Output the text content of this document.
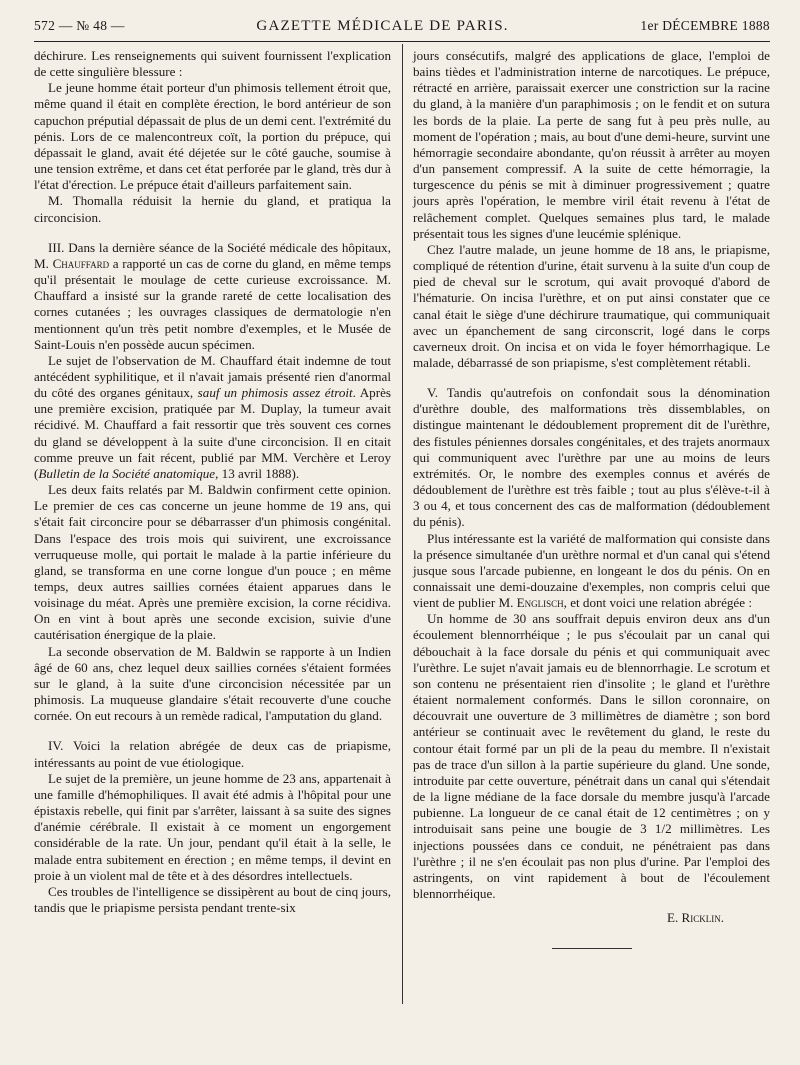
572 — № 48 —	GAZETTE MÉDICALE DE PARIS.	1er DÉCEMBRE 1888

déchirure. Les renseignements qui suivent fournissent l'explication de cette singulière blessure :

Le jeune homme était porteur d'un phimosis tellement étroit que, même quand il était en complète érection, le bord antérieur de son capuchon préputial dépassait de plus de un demi cent. l'extrémité du pénis. Lors de ce malencontreux coït, la portion du prépuce, qui dépassait le gland, avait été déjetée sur le côté gauche, soumise à une tension extrême, et dans cet état perforée par le gland, très dur à l'état d'érection. Le prépuce était d'ailleurs parfaitement sain.

M. Thomalla réduisit la hernie du gland, et pratiqua la circoncision.

III. Dans la dernière séance de la Société médicale des hôpitaux, M. Chauffard a rapporté un cas de corne du gland, en même temps qu'il présentait le moulage de cette curieuse excroissance. M. Chauffard a insisté sur la grande rareté de cette localisation des cornes cutanées ; les ouvrages classiques de dermatologie n'en mentionnent qu'un très petit nombre d'exemples, et le Musée de Saint-Louis n'en possède aucun spécimen.

Le sujet de l'observation de M. Chauffard était indemne de tout antécédent syphilitique, et il n'avait jamais présenté rien d'anormal du côté des organes génitaux, sauf un phimosis assez étroit. Après une première excision, pratiquée par M. Duplay, la tumeur avait récidivé. M. Chauffard a fait ressortir que très souvent ces cornes du gland se développent à la suite d'une circoncision. Il en citait comme preuve un fait récent, publié par MM. Verchère et Leroy (Bulletin de la Société anatomique, 13 avril 1888).

Les deux faits relatés par M. Baldwin confirment cette opinion. Le premier de ces cas concerne un jeune homme de 19 ans, qui s'était fait circoncire pour se débarrasser d'un phimosis congénital. Dans l'espace des trois mois qui suivirent, une excroissance verruqueuse molle, qui portait le malade à la partie inférieure du gland, se transforma en une corne longue d'un pouce ; en même temps, deux autres saillies cornées étaient apparues dans le voisinage du méat. Après une première excision, la corne récidiva. On en vint à bout après une seconde excision, suivie d'une cautérisation énergique de la plaie.

La seconde observation de M. Baldwin se rapporte à un Indien âgé de 60 ans, chez lequel deux saillies cornées s'étaient formées sur le gland, à la suite d'une circoncision nécessitée par un phimosis. La muqueuse glandaire s'était recouverte d'une couche cornée. On eut recours à un remède radical, l'amputation du gland.

IV. Voici la relation abrégée de deux cas de priapisme, intéressants au point de vue étiologique.

Le sujet de la première, un jeune homme de 23 ans, appartenait à une famille d'hémophiliques. Il avait été admis à l'hôpital pour une épistaxis rebelle, qui finit par s'arrêter, laissant à sa suite des signes d'anémie cérébrale. Il existait à ce moment un engorgement considérable de la rate. Un jour, pendant qu'il était à la selle, le malade entra subitement en érection ; en même temps, il devint en proie à un violent mal de tête et à des désordres intellectuels.

Ces troubles de l'intelligence se dissipèrent au bout de cinq jours, tandis que le priapisme persista pendant trente-six

jours consécutifs, malgré des applications de glace, l'emploi de bains tièdes et l'administration interne de narcotiques. Le prépuce, rétracté en arrière, paraissait exercer une constriction sur la racine du gland, à la manière d'un paraphimosis ; on le fendit et on sutura les bords de la plaie. La perte de sang fut à peu près nulle, au moment de l'opération ; mais, au bout d'une demi-heure, survint une hémorragie secondaire abondante, qu'on réussit à arrêter au moyen d'un pansement compressif. A la suite de cette hémorragie, la turgescence du pénis se mit à diminuer progressivement ; quatre jours après l'opération, le membre viril était revenu à l'état de relâchement complet. Quelques semaines plus tard, le malade présentait tous les signes d'une leucémie splénique.

Chez l'autre malade, un jeune homme de 18 ans, le priapisme, compliqué de rétention d'urine, était survenu à la suite d'un coup de pied de cheval sur le scrotum, qui avait provoqué d'abord de l'hématurie. On incisa l'urèthre, et on put ainsi constater que ce canal était le siège d'une déchirure traumatique, qui communiquait avec un épanchement de sang circonscrit, logé dans le corps caverneux droit. On incisa et on vida le foyer hémorrhagique. Le malade, débarrassé de son priapisme, s'est complètement rétabli.

V. Tandis qu'autrefois on confondait sous la dénomination d'urèthre double, des malformations très dissemblables, on distingue maintenant le dédoublement proprement dit de l'urèthre, des fistules péniennes dorsales congénitales, et des trajets anormaux qui communiquent avec l'urèthre par une au moins de leurs extrémités. Or, le nombre des exemples connus et avérés de dédoublement de l'urèthre est très faible ; tout au plus s'élève-t-il à 3 ou 4, et tous concernent des cas de malformation (dédoublement du pénis).

Plus intéressante est la variété de malformation qui consiste dans la présence simultanée d'un urèthre normal et d'un canal qui s'étend jusque sous l'arcade pubienne, en longeant le dos du pénis. On en connaissait une demi-douzaine d'exemples, non compris celui que vient de publier M. Englisch, et dont voici une relation abrégée :

Un homme de 30 ans souffrait depuis environ deux ans d'un écoulement blennorrhéique ; le pus s'écoulait par un canal qui débouchait à la face dorsale du pénis et qui communiquait avec l'urèthre. Le sujet n'avait jamais eu de blennorrhagie. Le scrotum et son contenu ne présentaient rien d'insolite ; le gland et l'urèthre étaient normalement conformés. Dans le sillon coronnaire, on découvrait une ouverture de 3 millimètres de diamètre ; son bord antérieur se continuait avec le revêtement du gland, le reste du contour était formé par un pli de la peau du membre. Il n'existait pas de trace d'un sillon à la partie supérieure du gland. Une sonde, introduite par cette ouverture, pénétrait dans un canal qui s'étendait de la ligne médiane de la face dorsale du membre jusqu'à l'arcade pubienne. La longueur de ce canal était de 12 centimètres ; on y introduisait sans peine une bougie de 3 1/2 millimètres. Les injections poussées dans ce conduit, ne pénétraient pas dans l'urèthre ; il ne s'en écoulait pas non plus d'urine. Par l'emploi des astringents, on vint rapidement à bout de l'écoulement blennorrhéique.

E. Ricklin.
